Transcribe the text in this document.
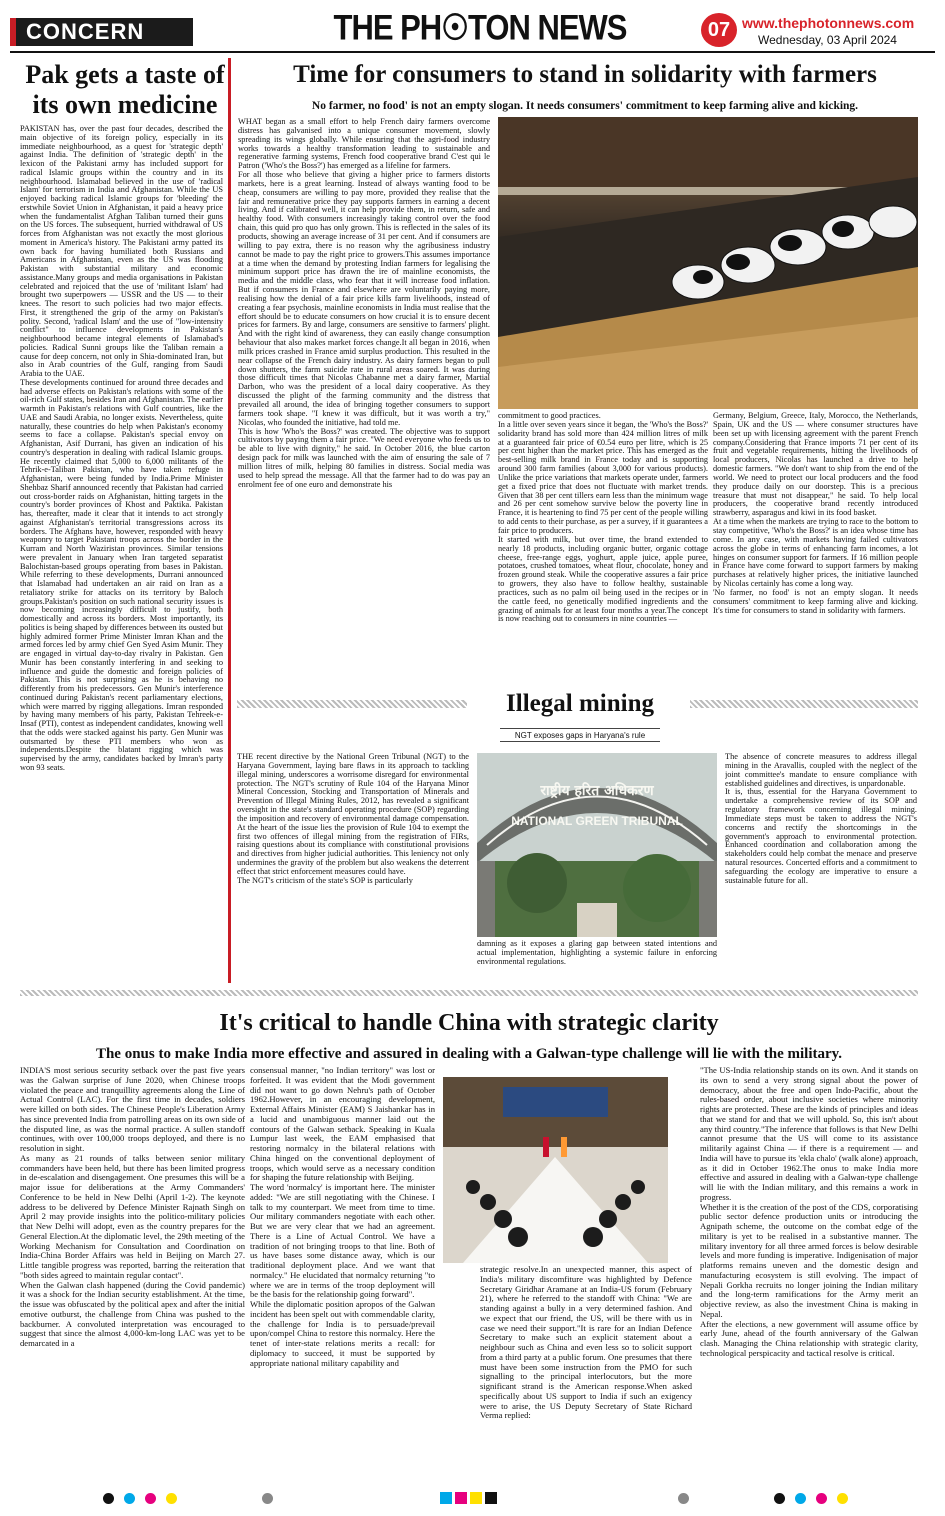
CONCERN	THE PH☉TON NEWS	07 www.thephotonnews.com
Wednesday, 03 April 2024
Pak gets a taste of its own medicine

PAKISTAN has, over the past four decades, described the main objective of its foreign policy, especially in its immediate neighbourhood, as a quest for 'strategic depth' against India. The definition of 'strategic depth' in the lexicon of the Pakistani army has included support for radical Islamic groups within the country and in its neighbourhood. Islamabad believed in the use of 'radical Islam' for terrorism in India and Afghanistan. While the US enjoyed backing radical Islamic groups for 'bleeding' the erstwhile Soviet Union in Afghanistan, it paid a heavy price when the fundamentalist Afghan Taliban turned their guns on the US forces. The subsequent, hurried withdrawal of US forces from Afghanistan was not exactly the most glorious moment in America's history. The Pakistani army patted its own back for having humiliated both Russians and Americans in Afghanistan, even as the US was flooding Pakistan with substantial military and economic assistance.Many groups and media organisations in Pakistan celebrated and rejoiced that the use of 'militant Islam' had brought two superpowers — USSR and the US — to their knees. The resort to such policies had two major effects. First, it strengthened the grip of the army on Pakistan's polity. Second, 'radical Islam' and the use of "low-intensity conflict" to influence developments in Pakistan's neighbourhood became integral elements of Islamabad's policies. Radical Sunni groups like the Taliban remain a cause for deep concern, not only in Shia-dominated Iran, but also in Arab countries of the Gulf, ranging from Saudi Arabia to the UAE.

These developments continued for around three decades and had adverse effects on Pakistan's relations with some of the oil-rich Gulf states, besides Iran and Afghanistan. The earlier warmth in Pakistan's relations with Gulf countries, like the UAE and Saudi Arabia, no longer exists. Nevertheless, quite naturally, these countries do help when Pakistan's economy seems to face a collapse. Pakistan's special envoy on Afghanistan, Asif Durrani, has given an indication of his country's desperation in dealing with radical Islamic groups. He recently claimed that 5,000 to 6,000 militants of the Tehrik-e-Taliban Pakistan, who have taken refuge in Afghanistan, were being funded by India.Prime Minister Shehbaz Sharif announced recently that Pakistan had carried out cross-border raids on Afghanistan, hitting targets in the country's border provinces of Khost and Paktika. Pakistan has, thereafter, made it clear that it intends to act strongly against Afghanistan's territorial transgressions across its borders. The Afghans have, however, responded with heavy weaponry to target Pakistani troops across the border in the Kurram and North Waziristan provinces. Similar tensions were prevalent in January when Iran targeted separatist Balochistan-based groups operating from bases in Pakistan. While referring to these developments, Durrani announced that Islamabad had undertaken an air raid on Iran as a retaliatory strike for attacks on its territory by Baloch groups.Pakistan's position on such national security issues is now becoming increasingly difficult to justify, both domestically and across its borders. Most importantly, its politics is being shaped by differences between its ousted but highly admired former Prime Minister Imran Khan and the armed forces led by army chief Gen Syed Asim Munir. They are engaged in virtual day-to-day rivalry in Pakistan. Gen Munir has been constantly interfering in and seeking to influence and guide the domestic and foreign policies of Pakistan. This is not surprising as he is behaving no differently from his predecessors. Gen Munir's interference continued during Pakistan's recent parliamentary elections, which were marred by rigging allegations. Imran responded by having many members of his party, Pakistan Tehreek-e-Insaf (PTI), contest as independent candidates, knowing well that the odds were stacked against his party. Gen Munir was outsmarted by these PTI members who won as independents.Despite the blatant rigging which was supervised by the army, candidates backed by Imran's party won 93 seats.

Time for consumers to stand in solidarity with farmers
No farmer, no food' is not an empty slogan. It needs consumers' commitment to keep farming alive and kicking.
WHAT began as a small effort to help French dairy farmers overcome distress has galvanised into a unique consumer movement, slowly spreading its wings globally. While ensuring that the agri-food industry works towards a healthy transformation leading to sustainable and regenerative farming systems, French food cooperative brand C'est qui le Patron ('Who's the Boss?') has emerged as a lifeline for farmers.
For all those who believe that giving a higher price to farmers distorts markets, here is a great learning. Instead of always wanting food to be cheap, consumers are willing to pay more, provided they realise that the fair and remunerative price they pay supports farmers in earning a decent living. And if calibrated well, it can help provide them, in return, safe and healthy food. With consumers increasingly taking control over the food chain, this quid pro quo has only grown. This is reflected in the sales of its products, showing an average increase of 31 per cent. And if consumers are willing to pay extra, there is no reason why the agribusiness industry cannot be made to pay the right price to growers.This assumes importance at a time when the demand by protesting Indian farmers for legalising the minimum support price has drawn the ire of mainline economists, the media and the middle class, who fear that it will increase food inflation. But if consumers in France and elsewhere are voluntarily paying more, realising how the denial of a fair price kills farm livelihoods, instead of creating a fear psychosis, mainline economists in India must realise that the effort should be to educate consumers on how crucial it is to ensure decent prices for farmers. By and large, consumers are sensitive to farmers' plight. And with the right kind of awareness, they can easily change consumption behaviour that also makes market forces change.It all began in 2016, when milk prices crashed in France amid surplus production. This resulted in the near collapse of the French dairy industry. As dairy farmers began to pull down shutters, the farm suicide rate in rural areas soared. It was during those difficult times that Nicolas Chabanne met a dairy farmer, Martial Darbon, who was the president of a local dairy cooperative. As they discussed the plight of the farming community and the distress that prevailed all around, the idea of bringing together consumers to support farmers took shape. "I knew it was difficult, but it was worth a try," Nicolas, who founded the initiative, had told me.
This is how 'Who's the Boss?' was created. The objective was to support cultivators by paying them a fair price. "We need everyone who feeds us to be able to live with dignity," he said. In October 2016, the blue carton design pack for milk was launched with the aim of ensuring the sale of 7 million litres of milk, helping 80 families in distress. Social media was used to help spread the message. All that the farmer had to do was pay an enrolment fee of one euro and demonstrate his
commitment to good practices.
In a little over seven years since it began, the 'Who's the Boss?' solidarity brand has sold more than 424 million litres of milk at a guaranteed fair price of €0.54 euro per litre, which is 25 per cent higher than the market price. This has emerged as the best-selling milk brand in France today and is supporting around 300 farm families (about 3,000 for various products). Unlike the price variations that markets operate under, farmers get a fixed price that does not fluctuate with market trends. Given that 38 per cent tillers earn less than the minimum wage and 26 per cent somehow survive below the poverty line in France, it is heartening to find 75 per cent of the people willing to add cents to their purchase, as per a survey, if it guarantees a fair price to producers.
It started with milk, but over time, the brand extended to nearly 18 products, including organic butter, organic cottage cheese, free-range eggs, yoghurt, apple juice, apple puree, potatoes, crushed tomatoes, wheat flour, chocolate, honey and frozen ground steak. While the cooperative assures a fair price to growers, they also have to follow healthy, sustainable practices, such as no palm oil being used in the recipes or in the cattle feed, no genetically modified ingredients and the grazing of animals for at least four months a year.The concept is now reaching out to consumers in nine countries —
Germany, Belgium, Greece, Italy, Morocco, the Netherlands, Spain, UK and the US — where consumer structures have been set up with licensing agreement with the parent French company.Considering that France imports 71 per cent of its fruit and vegetable requirements, hitting the livelihoods of local producers, Nicolas has launched a drive to help domestic farmers. "We don't want to ship from the end of the world. We need to protect our local producers and the food they produce daily on our doorstep. This is a precious treasure that must not disappear," he said. To help local producers, the cooperative brand recently introduced strawberry, asparagus and kiwi in its food basket.
At a time when the markets are trying to race to the bottom to stay competitive, 'Who's the Boss?' is an idea whose time has come. In any case, with markets having failed cultivators across the globe in terms of enhancing farm incomes, a lot hinges on consumer support for farmers. If 16 million people in France have come forward to support farmers by making purchases at relatively higher prices, the initiative launched by Nicolas certainly has come a long way.
'No farmer, no food' is not an empty slogan. It needs consumers' commitment to keep farming alive and kicking. It's time for consumers to stand in solidarity with farmers.
Illegal mining
NGT exposes gaps in Haryana's rule
THE recent directive by the National Green Tribunal (NGT) to the Haryana Government, laying bare flaws in its approach to tackling illegal mining, underscores a worrisome disregard for environmental protection. The NGT's scrutiny of Rule 104 of the Haryana Minor Mineral Concession, Stocking and Transportation of Minerals and Prevention of Illegal Mining Rules, 2012, has revealed a significant oversight in the state's standard operating procedure (SOP) regarding the imposition and recovery of environmental damage compensation. At the heart of the issue lies the provision of Rule 104 to exempt the first two offences of illegal mining from the registration of FIRs, raising questions about its compliance with constitutional provisions and directives from higher judicial authorities. This leniency not only undermines the gravity of the problem but also weakens the deterrent effect that strict enforcement measures could have.
The NGT's criticism of the state's SOP is particularly
राष्ट्रीय हरित अधिकरण
NATIONAL GREEN TRIBUNAL
damning as it exposes a glaring gap between stated intentions and actual implementation, highlighting a systemic failure in enforcing environmental regulations.
The absence of concrete measures to address illegal mining in the Aravallis, coupled with the neglect of the joint committee's mandate to ensure compliance with established guidelines and directives, is unpardonable.
It is, thus, essential for the Haryana Government to undertake a comprehensive review of its SOP and regulatory framework concerning illegal mining. Immediate steps must be taken to address the NGT's concerns and rectify the shortcomings in the government's approach to environmental protection. Enhanced coordination and collaboration among the stakeholders could help combat the menace and preserve natural resources. Concerted efforts and a commitment to safeguarding the ecology are imperative to ensure a sustainable future for all.
It's critical to handle China with strategic clarity
The onus to make India more effective and assured in dealing with a Galwan-type challenge will lie with the military.
INDIA'S most serious security setback over the past five years was the Galwan surprise of June 2020, when Chinese troops violated the peace and tranquillity agreements along the Line of Actual Control (LAC). For the first time in decades, soldiers were killed on both sides. The Chinese People's Liberation Army has since prevented India from patrolling areas on its own side of the disputed line, as was the normal practice. A sullen standoff continues, with over 100,000 troops deployed, and there is no resolution in sight.
As many as 21 rounds of talks between senior military commanders have been held, but there has been limited progress in de-escalation and disengagement. One presumes this will be a major issue for deliberations at the Army Commanders' Conference to be held in New Delhi (April 1-2). The keynote address to be delivered by Defence Minister Rajnath Singh on April 2 may provide insights into the politico-military policies that New Delhi will adopt, even as the country prepares for the General Election.At the diplomatic level, the 29th meeting of the Working Mechanism for Consultation and Coordination on India-China Border Affairs was held in Beijing on March 27. Little tangible progress was reported, barring the reiteration that "both sides agreed to maintain regular contact".
When the Galwan clash happened (during the Covid pandemic) it was a shock for the Indian security establishment. At the time, the issue was obfuscated by the political apex and after the initial emotive outburst, the challenge from China was pushed to the backburner. A convoluted interpretation was encouraged to suggest that since the almost 4,000-km-long LAC was yet to be demarcated in a
consensual manner, "no Indian territory" was lost or forfeited. It was evident that the Modi government did not want to go down Nehru's path of October 1962.However, in an encouraging development, External Affairs Minister (EAM) S Jaishankar has in a lucid and unambiguous manner laid out the contours of the Galwan setback. Speaking in Kuala Lumpur last week, the EAM emphasised that restoring normalcy in the bilateral relations with China hinged on the conventional deployment of troops, which would serve as a necessary condition for shaping the future relationship with Beijing.
The word 'normalcy' is important here. The minister added: "We are still negotiating with the Chinese. I talk to my counterpart. We meet from time to time. Our military commanders negotiate with each other. But we are very clear that we had an agreement. There is a Line of Actual Control. We have a tradition of not bringing troops to that line. Both of us have bases some distance away, which is our traditional deployment place. And we want that normalcy." He elucidated that normalcy returning "to where we are in terms of the troop deployment will be the basis for the relationship going forward".
While the diplomatic position apropos of the Galwan incident has been spelt out with commendable clarity, the challenge for India is to persuade/prevail upon/compel China to restore this normalcy. Here the tenet of inter-state relations merits a recall: for diplomacy to succeed, it must be supported by appropriate national military capability and
strategic resolve.In an unexpected manner, this aspect of India's military discomfiture was highlighted by Defence Secretary Giridhar Aramane at an India-US forum (February 21), where he referred to the standoff with China: "We are standing against a bully in a very determined fashion. And we expect that our friend, the US, will be there with us in case we need their support."It is rare for an Indian Defence Secretary to make such an explicit statement about a neighbour such as China and even less so to solicit support from a third party at a public forum. One presumes that there must have been some instruction from the PMO for such signalling to the principal interlocutors, but the more significant strand is the American response.When asked specifically about US support to India if such an exigency were to arise, the US Deputy Secretary of State Richard Verma replied:
"The US-India relationship stands on its own. And it stands on its own to send a very strong signal about the power of democracy, about the free and open Indo-Pacific, about the rules-based order, about inclusive societies where minority rights are protected. These are the kinds of principles and ideas that we stand for and that we will uphold. So, this isn't about any third country."The inference that follows is that New Delhi cannot presume that the US will come to its assistance militarily against China — if there is a requirement — and India will have to pursue its 'ekla chalo' (walk alone) approach, as it did in October 1962.The onus to make India more effective and assured in dealing with a Galwan-type challenge will lie with the Indian military, and this remains a work in progress.
Whether it is the creation of the post of the CDS, corporatising public sector defence production units or introducing the Agnipath scheme, the outcome on the combat edge of the military is yet to be realised in a substantive manner. The military inventory for all three armed forces is below desirable levels and more funding is imperative. Indigenisation of major platforms remains uneven and the domestic design and manufacturing ecosystem is still evolving. The impact of Nepali Gorkha recruits no longer joining the Indian military and the long-term ramifications for the Army merit an objective review, as also the investment China is making in Nepal.
After the elections, a new government will assume office by early June, ahead of the fourth anniversary of the Galwan clash. Managing the China relationship with strategic clarity, technological perspicacity and tactical resolve is critical.
